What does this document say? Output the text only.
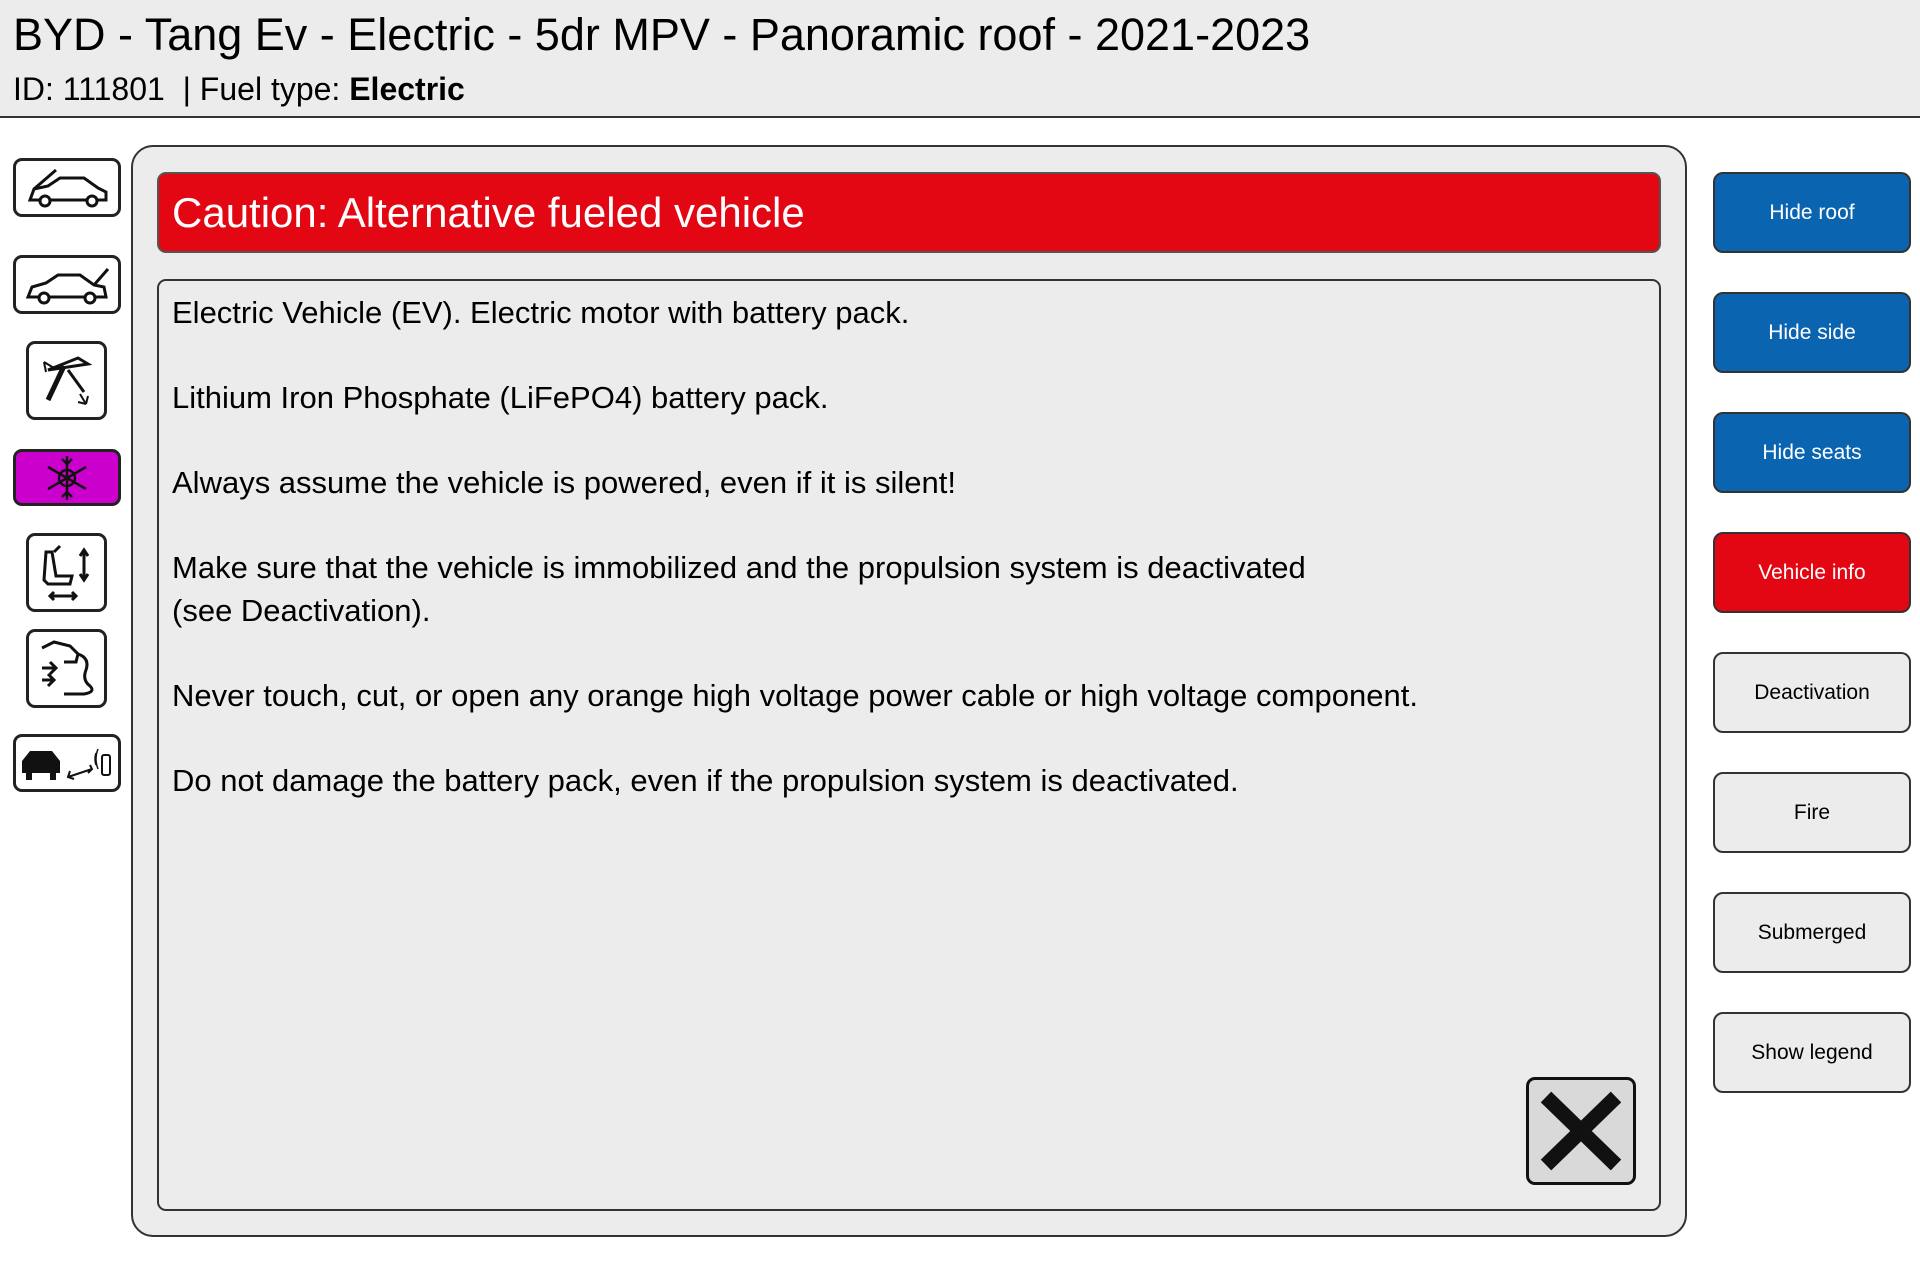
BYD - Tang Ev - Electric - 5dr MPV - Panoramic roof - 2021-2023
ID: 111801 | Fuel type: Electric
Caution: Alternative fueled vehicle

Electric Vehicle (EV). Electric motor with battery pack.

Lithium Iron Phosphate (LiFePO4) battery pack.

Always assume the vehicle is powered, even if it is silent!

Make sure that the vehicle is immobilized and the propulsion system is deactivated

(see Deactivation).

Never touch, cut, or open any orange high voltage power cable or high voltage component.

Do not damage the battery pack, even if the propulsion system is deactivated.

Hide roof
Hide side
Hide seats
Vehicle info
Deactivation
Fire
Submerged
Show legend
